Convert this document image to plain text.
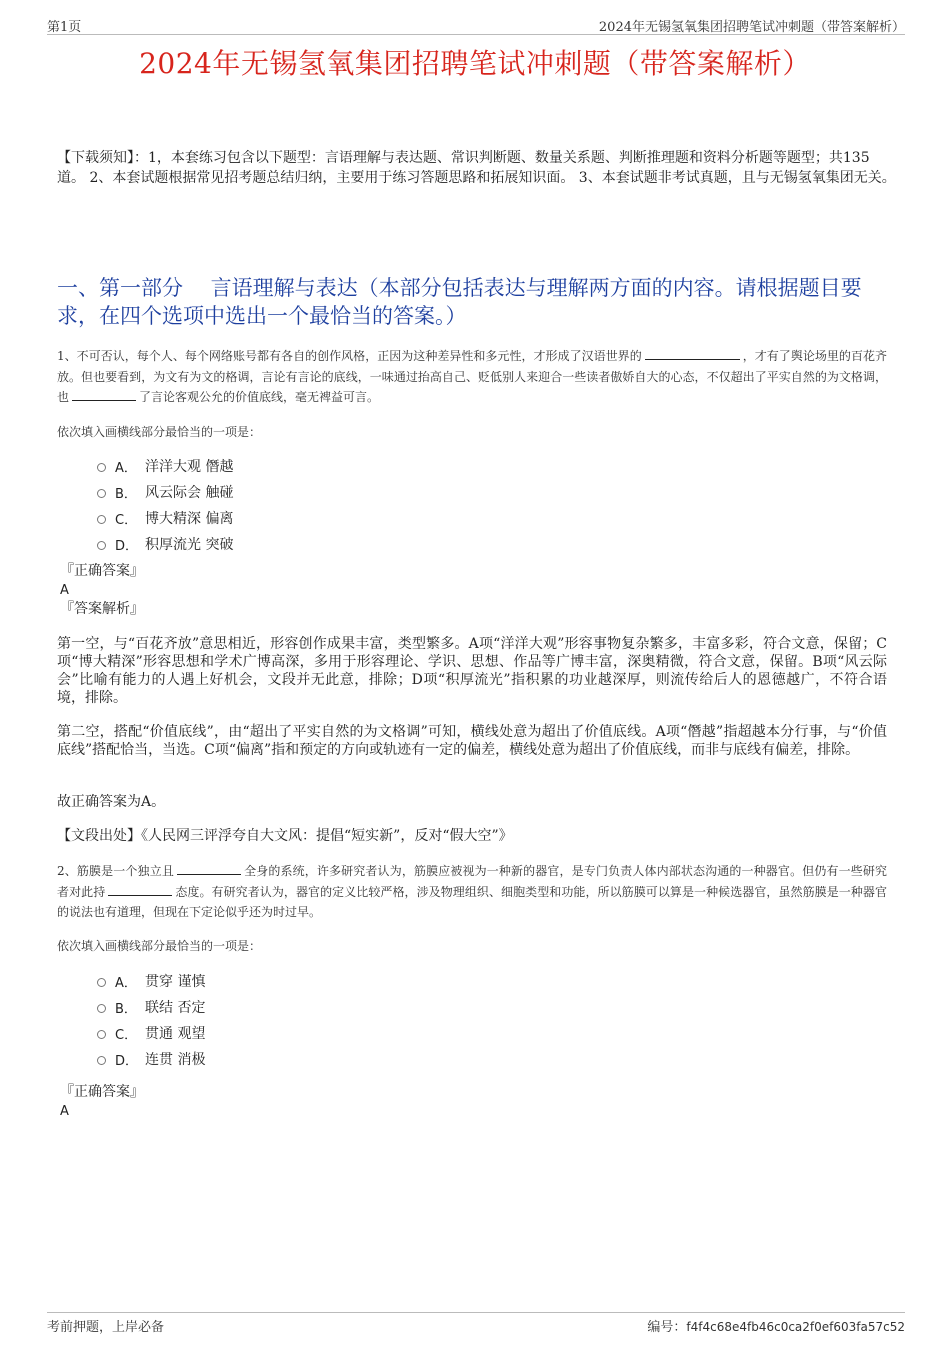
第1页	2024年无锡氢氧集团招聘笔试冲刺题（带答案解析）
2024年无锡氢氧集团招聘笔试冲刺题（带答案解析）
【下载须知】：1，本套练习包含以下题型：言语理解与表达题、常识判断题、数量关系题、判断推理题和资料分析题等题型；共135道。 2、本套试题根据常见招考题总结归纳，主要用于练习答题思路和拓展知识面。 3、本套试题非考试真题，且与无锡氢氧集团无关。
一、第一部分　 言语理解与表达（本部分包括表达与理解两方面的内容。请根据题目要求，在四个选项中选出一个最恰当的答案。）
1、不可否认，每个人、每个网络账号都有各自的创作风格，正因为这种差异性和多元性，才形成了汉语世界的	，才有了舆论场里的百花齐放。但也要看到，为文有为文的格调，言论有言论的底线，一味通过抬高自己、贬低别人来迎合一些读者傲娇自大的心态，不仅超出了平实自然的为文格调，也	了言论客观公允的价值底线，毫无裨益可言。
依次填入画横线部分最恰当的一项是：
A． 洋洋大观 僭越
B． 风云际会 触碰
C． 博大精深 偏离
D． 积厚流光 突破
『正确答案』
A
『答案解析』
第一空，与“百花齐放”意思相近，形容创作成果丰富，类型繁多。A项“洋洋大观”形容事物复杂繁多，丰富多彩，符合文意，保留；C项“博大精深”形容思想和学术广博高深，多用于形容理论、学识、思想、作品等广博丰富，深奥精微，符合文意，保留。B项“风云际会”比喻有能力的人遇上好机会，文段并无此意，排除；D项“积厚流光”指积累的功业越深厚，则流传给后人的恩德越广，不符合语境，排除。
第二空，搭配“价值底线”，由“超出了平实自然的为文格调”可知，横线处意为超出了价值底线。A项“僭越”指超越本分行事，与“价值底线”搭配恰当，当选。C项“偏离”指和预定的方向或轨迹有一定的偏差，横线处意为超出了价值底线，而非与底线有偏差，排除。
故正确答案为A。
【文段出处】《人民网三评浮夸自大文风：提倡“短实新”，反对“假大空”》
2、筋膜是一个独立且	全身的系统，许多研究者认为，筋膜应被视为一种新的器官，是专门负责人体内部状态沟通的一种器官。但仍有一些研究者对此持	态度。有研究者认为，器官的定义比较严格，涉及物理组织、细胞类型和功能，所以筋膜可以算是一种候选器官，虽然筋膜是一种器官的说法也有道理，但现在下定论似乎还为时过早。
依次填入画横线部分最恰当的一项是：
A． 贯穿 谨慎
B． 联结 否定
C． 贯通 观望
D． 连贯 消极
『正确答案』
A
考前押题，上岸必备	编号：f4f4c68e4fb46c0ca2f0ef603fa57c52
